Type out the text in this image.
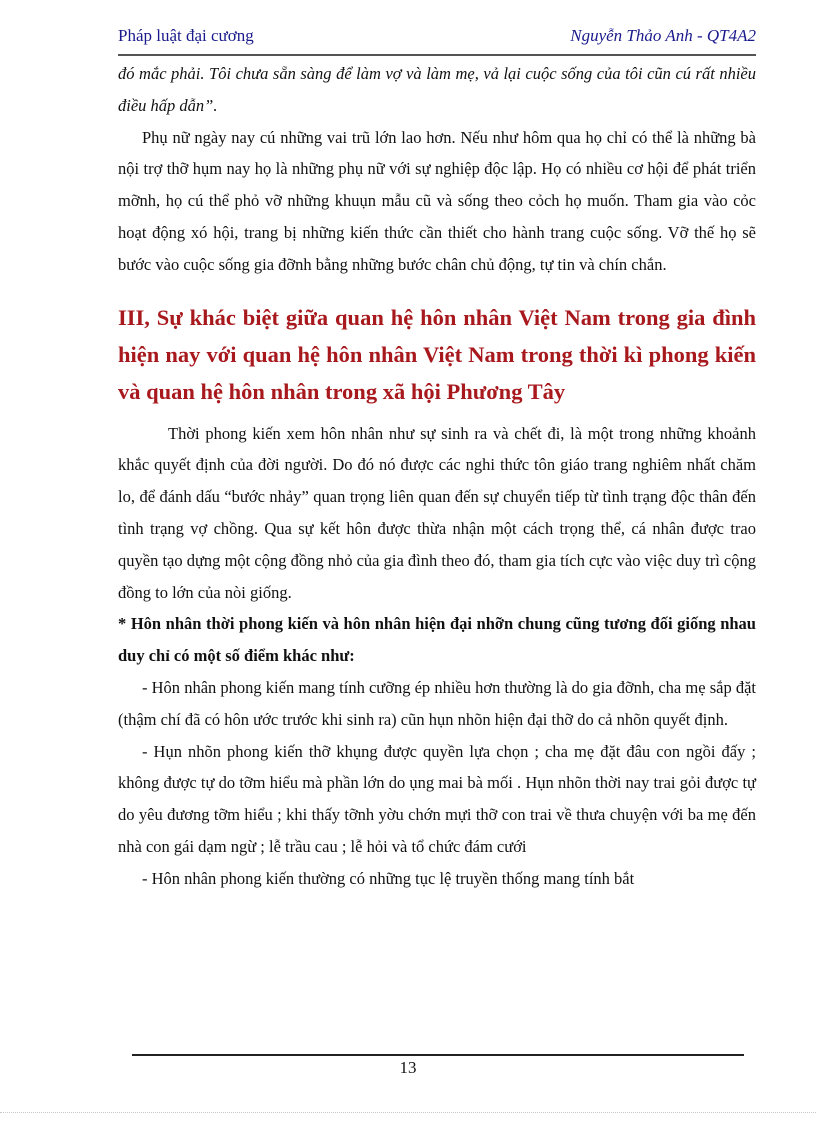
Pháp luật đại cương	Nguyễn Thảo Anh - QT4A2

đó mắc phải. Tôi chưa sẵn sàng để làm vợ và làm mẹ, vả lại cuộc sống của tôi cũn cú rất nhiều điều hấp dẫn”.

Phụ nữ ngày nay cú những vai trũ lớn lao hơn. Nếu như hôm qua họ chỉ có thể là những bà nội trợ thỡ hụm nay họ là những phụ nữ với sự nghiệp độc lập. Họ có nhiều cơ hội để phát triển mỡnh, họ cú thể phỏ vỡ những khuụn mẫu cũ và sống theo cỏch họ muốn. Tham gia vào cỏc hoạt động xó hội, trang bị những kiến thức cần thiết cho hành trang cuộc sống. Vỡ thế họ sẽ bước vào cuộc sống gia đỡnh bằng những bước chân chủ động, tự tin và chín chắn.

III, Sự khác biệt giữa quan hệ hôn nhân Việt Nam trong gia đình hiện nay với quan hệ hôn nhân Việt Nam trong thời kì phong kiến và quan hệ hôn nhân trong xã hội Phương Tây

Thời phong kiến xem hôn nhân như sự sinh ra và chết đi, là một trong những khoảnh khắc quyết định của đời người. Do đó nó được các nghi thức tôn giáo trang nghiêm nhất chăm lo, để đánh dấu “bước nhảy” quan trọng liên quan đến sự chuyển tiếp từ tình trạng độc thân đến tình trạng vợ chồng. Qua sự kết hôn được thừa nhận một cách trọng thể, cá nhân được trao quyền tạo dựng một cộng đồng nhỏ của gia đình theo đó, tham gia tích cực vào việc duy trì cộng đồng to lớn của nòi giống.

* Hôn nhân thời phong kiến và hôn nhân hiện đại nhỡn chung cũng tương đối giống nhau duy chỉ có một số điểm khác như:

- Hôn nhân phong kiến mang tính cưỡng ép nhiều hơn thường là do gia đỡnh, cha mẹ sắp đặt (thậm chí đã có hôn ước trước khi sinh ra) cũn hụn nhõn hiện đại thỡ do cả nhõn quyết định.

- Hụn nhõn phong kiến thỡ khụng được quyền lựa chọn ; cha mẹ đặt đâu con ngồi đấy ; không được tự do tỡm hiểu mà phần lớn do ụng mai bà mối . Hụn nhõn thời nay trai gỏi được tự do yêu đương tỡm hiểu ; khi thấy tỡnh yờu chớn mựi thỡ con trai về thưa chuyện với ba mẹ đến nhà con gái dạm ngừ ; lễ trầu cau ; lễ hỏi và tổ chức đám cưới

- Hôn nhân phong kiến thường có những tục lệ truyền thống mang tính bắt

13
